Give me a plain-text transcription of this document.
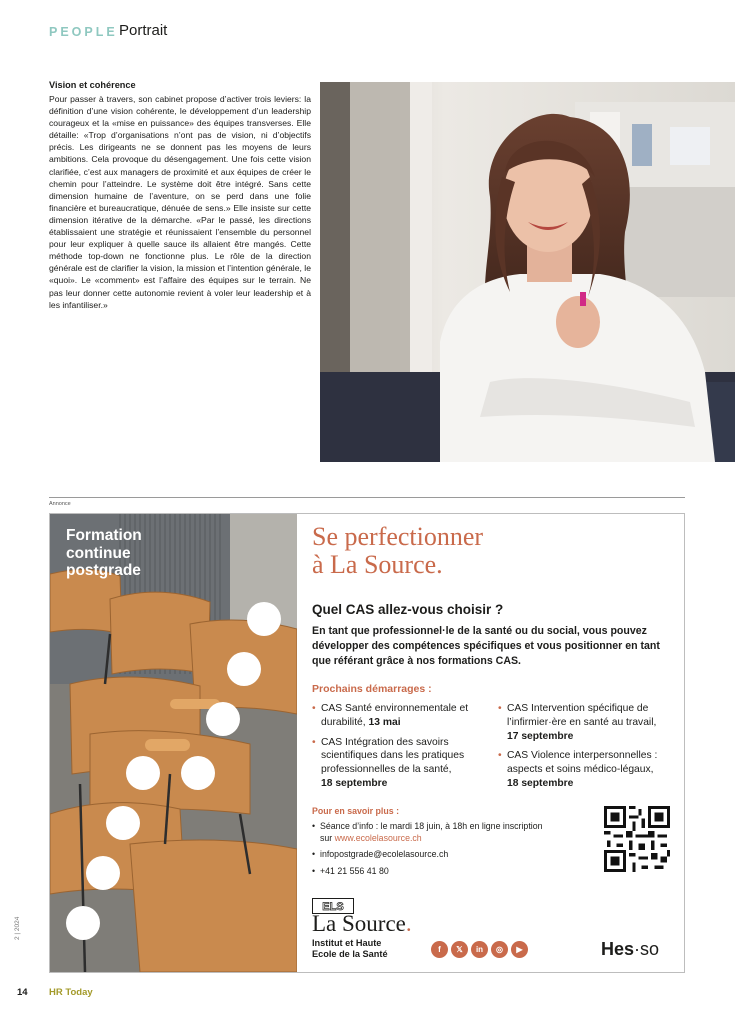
PEOPLE Portrait
Vision et cohérence
Pour passer à travers, son cabinet propose d’activer trois leviers: la définition d’une vision cohérente, le développement d’un leadership courageux et la «mise en puissance» des équipes transverses. Elle détaille: «Trop d’organisations n’ont pas de vision, ni d’objectifs précis. Les dirigeants ne se donnent pas les moyens de leurs ambitions. Cela provoque du désengagement. Une fois cette vision clarifiée, c’est aux managers de proximité et aux équipes de créer le chemin pour l’atteindre. Le système doit être intégré. Sans cette dimension humaine de l’aventure, on se perd dans une folie financière et bureaucratique, dénuée de sens.» Elle insiste sur cette dimension itérative de la démarche. «Par le passé, les directions établissaient une stratégie et réunissaient l’ensemble du personnel pour leur expliquer à quelle sauce ils allaient être mangés. Cette méthode top-down ne fonctionne plus. Le rôle de la direction générale est de clarifier la vision, la mission et l’intention générale, le «quoi». Le «comment» est l’affaire des équipes sur le terrain. Ne pas leur donner cette autonomie revient à voler leur leadership et à les infantiliser.»
Annonce
Formation
continue
postgrade
Se perfectionner
à La Source.
Quel CAS allez-vous choisir ?
En tant que professionnel·le de la santé ou du social, vous pouvez développer des compétences spécifiques et vous positionner en tant que référant grâce à nos formations CAS.
Prochains démarrages :
• CAS Santé environnementale et durabilité, 13 mai
• CAS Intégration des savoirs scientifiques dans les pratiques professionnelles de la santé,
18 septembre
• CAS Intervention spécifique de l’infirmier·ère en santé au travail,
17 septembre
• CAS Violence interpersonnelles : aspects et soins médico-légaux,
18 septembre
Pour en savoir plus :
• Séance d’info : le mardi 18 juin, à 18h en ligne inscription sur www.ecolelasource.ch
• infopostgrade@ecolelasource.ch
• +41 21 556 41 80
ELS
La Source.
Institut et Haute
Ecole de la Santé	f	𝕏	in	◎	▶	Hes·so
2 | 2024
14 HR Today
